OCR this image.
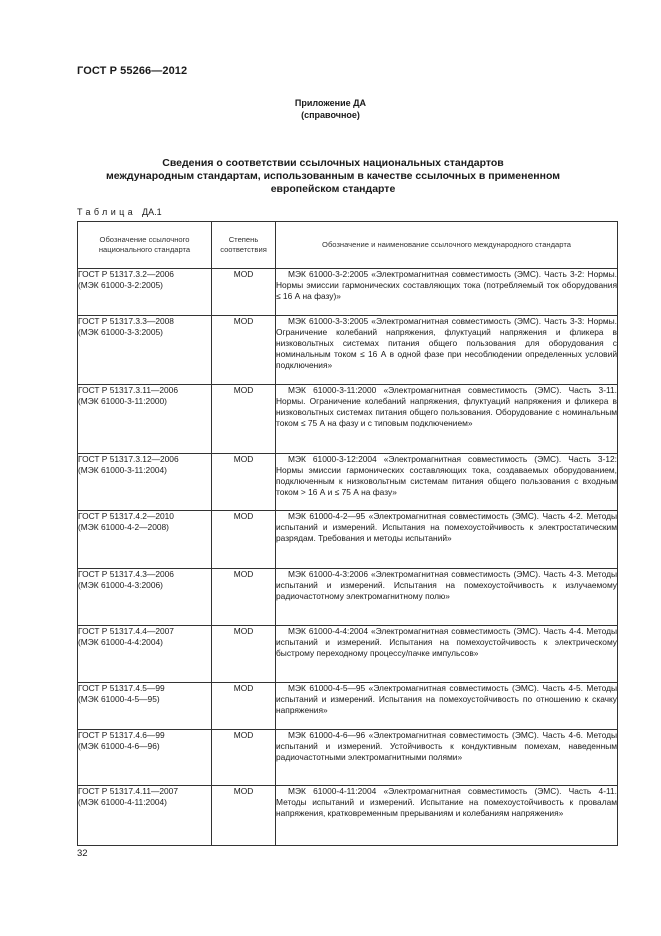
ГОСТ Р 55266—2012
Приложение ДА
(справочное)
Сведения о соответствии ссылочных национальных стандартов
международным стандартам, использованным в качестве ссылочных в примененном
европейском стандарте
Таблица ДА.1
Обозначение ссылочного национального стандарта	Степень соответствия	Обозначение и наименование ссылочного международного стандарта

ГОСТ Р 51317.3.2—2006
(МЭК 61000-3-2:2005)	MOD	МЭК 61000-3-2:2005 «Электромагнитная совместимость (ЭМС). Часть 3-2: Нормы. Нормы эмиссии гармонических составляющих тока (потребляемый ток оборудования ≤ 16 А на фазу)»

ГОСТ Р 51317.3.3—2008
(МЭК 61000-3-3:2005)	MOD	МЭК 61000-3-3:2005 «Электромагнитная совместимость (ЭМС). Часть 3-3: Нормы. Ограничение колебаний напряжения, флуктуаций напряжения и фликера в низковольтных системах питания общего пользования для оборудования с номинальным током ≤ 16 А в одной фазе при несоблюдении определенных условий подключения»

ГОСТ Р 51317.3.11—2006
(МЭК 61000-3-11:2000)	MOD	МЭК 61000-3-11:2000 «Электромагнитная совместимость (ЭМС). Часть 3-11. Нормы. Ограничение колебаний напряжения, флуктуаций напряжения и фликера в низковольтных системах питания общего пользования. Оборудование с номинальным током ≤ 75 А на фазу и с типовым подключением»

ГОСТ Р 51317.3.12—2006
(МЭК 61000-3-11:2004)	MOD	МЭК 61000-3-12:2004 «Электромагнитная совместимость (ЭМС). Часть 3-12: Нормы эмиссии гармонических составляющих тока, создаваемых оборудованием, подключенным к низковольтным системам питания общего пользования с входным током > 16 А и ≤ 75 А на фазу»

ГОСТ Р 51317.4.2—2010
(МЭК 61000-4-2—2008)	MOD	МЭК 61000-4-2—95 «Электромагнитная совместимость (ЭМС). Часть 4-2. Методы испытаний и измерений. Испытания на помехоустойчивость к электростатическим разрядам. Требования и методы испытаний»

ГОСТ Р 51317.4.3—2006
(МЭК 61000-4-3:2006)	MOD	МЭК 61000-4-3:2006 «Электромагнитная совместимость (ЭМС). Часть 4-3. Методы испытаний и измерений. Испытания на помехоустойчивость к излучаемому радиочастотному электромагнитному полю»

ГОСТ Р 51317.4.4—2007
(МЭК 61000-4-4:2004)	MOD	МЭК 61000-4-4:2004 «Электромагнитная совместимость (ЭМС). Часть 4-4. Методы испытаний и измерений. Испытания на помехоустойчивость к электрическому быстрому переходному процессу/пачке импульсов»

ГОСТ Р 51317.4.5—99
(МЭК 61000-4-5—95)	MOD	МЭК 61000-4-5—95 «Электромагнитная совместимость (ЭМС). Часть 4-5. Методы испытаний и измерений. Испытания на помехоустойчивость по отношению к скачку напряжения»

ГОСТ Р 51317.4.6—99
(МЭК 61000-4-6—96)	MOD	МЭК 61000-4-6—96 «Электромагнитная совместимость (ЭМС). Часть 4-6. Методы испытаний и измерений. Устойчивость к кондуктивным помехам, наведенным радиочастотными электромагнитными полями»

ГОСТ Р 51317.4.11—2007
(МЭК 61000-4-11:2004)	MOD	МЭК 61000-4-11:2004 «Электромагнитная совместимость (ЭМС). Часть 4-11. Методы испытаний и измерений. Испытание на помехоустойчивость к провалам напряжения, кратковременным прерываниям и колебаниям напряжения»
32
